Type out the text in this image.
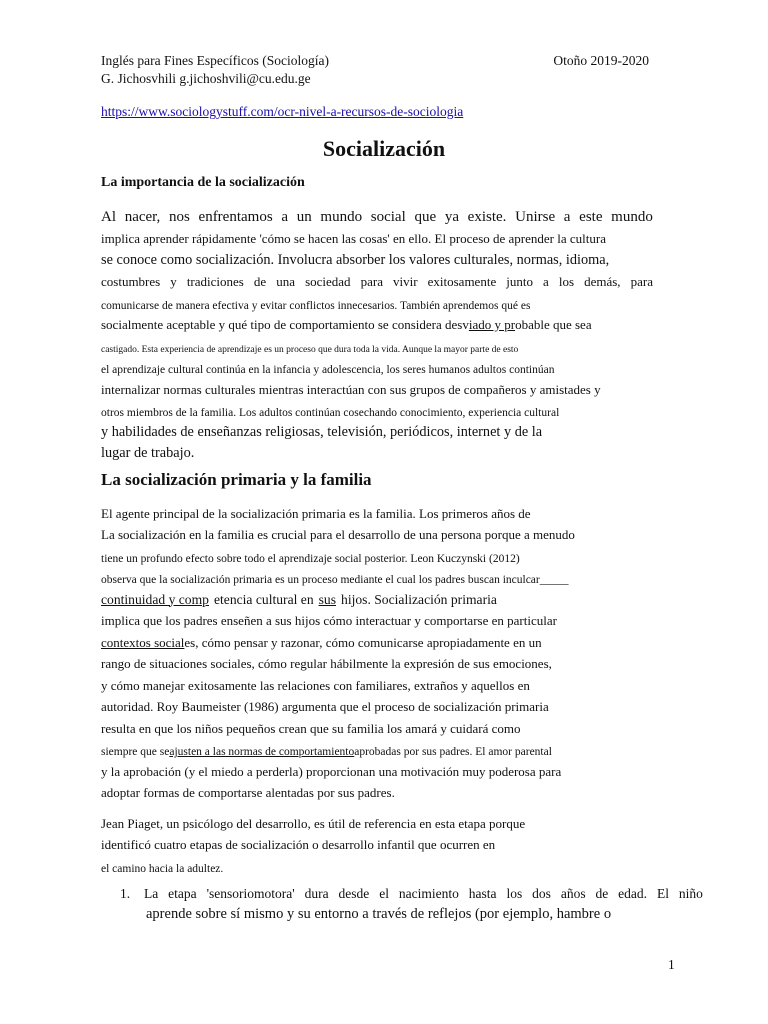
Inglés para Fines Específicos (Sociología)	Otoño 2019-2020
G. Jichosvhili g.jichoshvili@cu.edu.ge
https://www.sociologystuff.com/ocr-nivel-a-recursos-de-sociologia
Socialización
La importancia de la socialización
Al nacer, nos enfrentamos a un mundo social que ya existe. Unirse a este mundo
implica aprender rápidamente 'cómo se hacen las cosas' en ello. El proceso de aprender la cultura
se conoce como socialización. Involucra absorber los valores culturales, normas, idioma,
costumbres y tradiciones de una sociedad para vivir exitosamente junto a los demás, para
comunicarse de manera efectiva y evitar conflictos innecesarios. También aprendemos qué es
socialmente aceptable y qué tipo de comportamiento se considera desv iado y pr obable que sea
castigado. Esta experiencia de aprendizaje es un proceso que dura toda la vida. Aunque la mayor parte de esto
el aprendizaje cultural continúa en la infancia y adolescencia, los seres humanos adultos continúan
internalizar normas culturales mientras interactúan con sus grupos de compañeros y amistades y
otros miembros de la familia. Los adultos continúan cosechando conocimiento, experiencia cultural
y habilidades de enseñanzas religiosas, televisión, periódicos, internet y de la
lugar de trabajo.
La socialización primaria y la familia
El agente principal de la socialización primaria es la familia. Los primeros años de
La socialización en la familia es crucial para el desarrollo de una persona porque a menudo
tiene un profundo efecto sobre todo el aprendizaje social posterior. Leon Kuczynski (2012)
observa que la socialización primaria es un proceso mediante el cual los padres buscan inculcar _____
continuidad y comp etencia cultural en sus hijos. Socialización primaria
implica que los padres enseñen a sus hijos cómo interactuar y comportarse en particular
contextos social es, cómo pensar y razonar, cómo comunicarse apropiadamente en un
rango de situaciones sociales, cómo regular hábilmente la expresión de sus emociones,
y cómo manejar exitosamente las relaciones con familiares, extraños y aquellos en
autoridad. Roy Baumeister (1986) argumenta que el proceso de socialización primaria
resulta en que los niños pequeños crean que su familia los amará y cuidará como
siempre que se ajusten a las normas de comportamiento aprobadas por sus padres. El amor parental
y la aprobación (y el miedo a perderla) proporcionan una motivación muy poderosa para
adoptar formas de comportarse alentadas por sus padres.
Jean Piaget, un psicólogo del desarrollo, es útil de referencia en esta etapa porque
identificó cuatro etapas de socialización o desarrollo infantil que ocurren en
el camino hacia la adultez.
1. La etapa 'sensoriomotora' dura desde el nacimiento hasta los dos años de edad. El niño
aprende sobre sí mismo y su entorno a través de reflejos (por ejemplo, hambre o
1
